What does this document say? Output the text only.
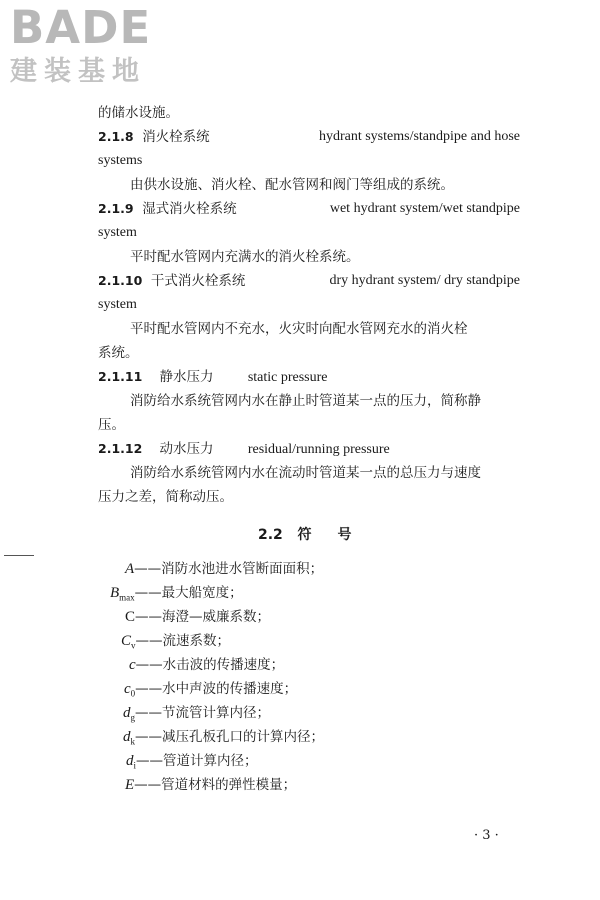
BADE
建装基地
的储水设施。
2.1.8 消火栓系统	hydrant systems/standpipe and hose
systems
由供水设施、消火栓、配水管网和阀门等组成的系统。
2.1.9 湿式消火栓系统	wet hydrant system/wet standpipe
system
平时配水管网内充满水的消火栓系统。
2.1.10 干式消火栓系统	dry hydrant system/ dry standpipe
system
平时配水管网内不充水，火灾时向配水管网充水的消火栓
系统。
2.1.11 静水压力 static pressure
消防给水系统管网内水在静止时管道某一点的压力，简称静
压。
2.1.12 动水压力 residual/running pressure
消防给水系统管网内水在流动时管道某一点的总压力与速度
压力之差，简称动压。
2.2 符 号
A——消防水池进水管断面面积；
$B_{max}——$最大船宽度；
C——海澄—威廉系数；
$C_v——$流速系数；
c——水击波的传播速度；
$c_0——$水中声波的传播速度；
$d_g——$节流管计算内径；
$d_k——$减压孔板孔口的计算内径；
$d_i——$管道计算内径；
E——管道材料的弹性模量；
· 3 ·
